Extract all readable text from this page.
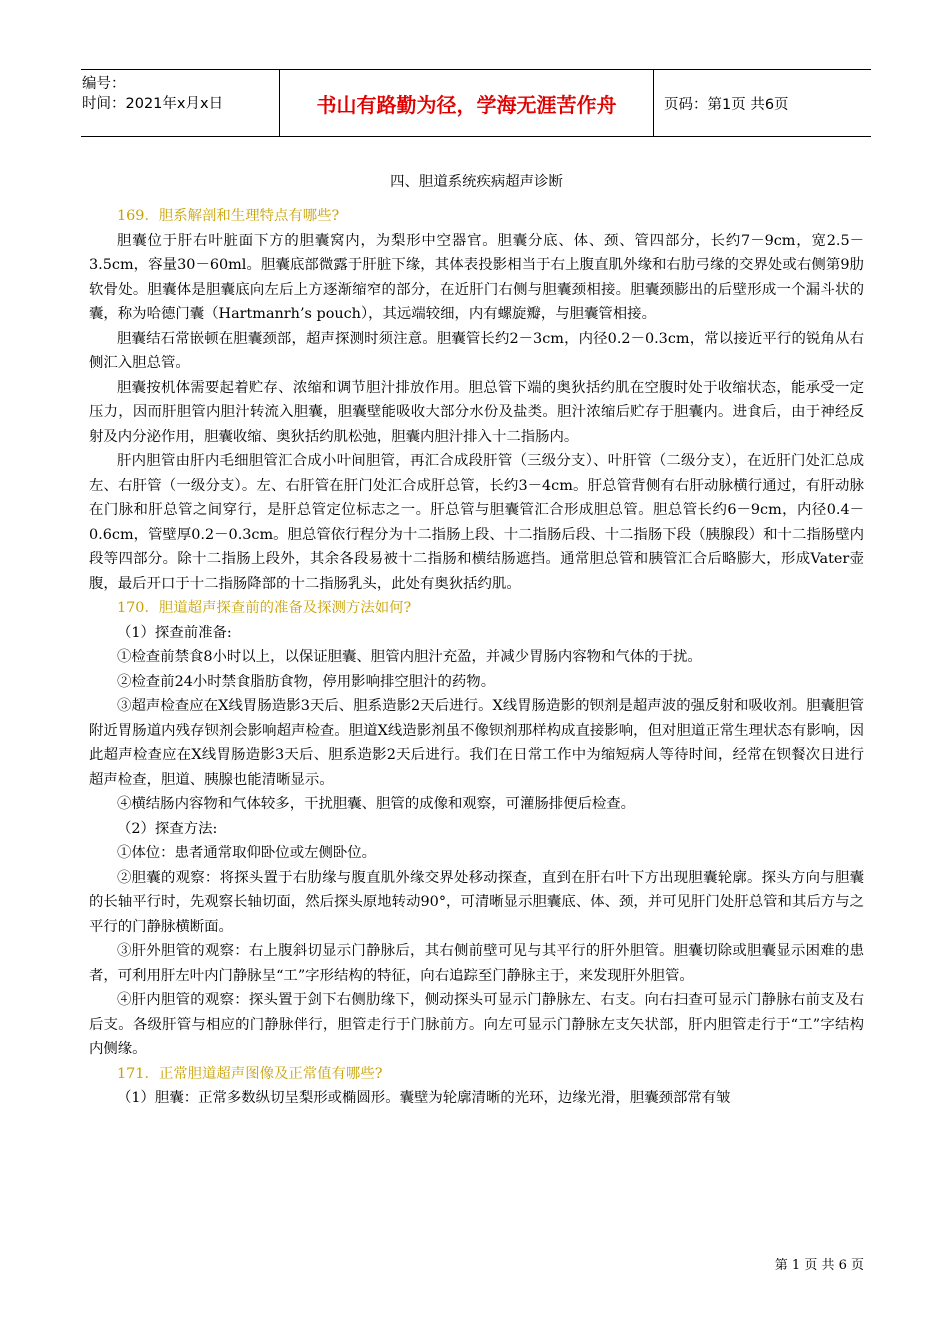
编号：
时间：2021年x月x日	书山有路勤为径，学海无涯苦作舟	页码：第1页 共6页
四、胆道系统疾病超声诊断

169．胆系解剖和生理特点有哪些?

胆囊位于肝右叶脏面下方的胆囊窝内，为梨形中空器官。胆囊分底、体、颈、管四部分，长约7－9cm，宽2.5－3.5cm，容量30－60ml。胆囊底部微露于肝脏下缘，其体表投影相当于右上腹直肌外缘和右肋弓缘的交界处或右侧第9肋软骨处。胆囊体是胆囊底向左后上方逐渐缩窄的部分，在近肝门右侧与胆囊颈相接。胆囊颈膨出的后壁形成一个漏斗状的囊，称为哈德门囊（Hartmanrh’s pouch），其远端较细，内有螺旋瓣，与胆囊管相接。

胆囊结石常嵌顿在胆囊颈部，超声探测时须注意。胆囊管长约2－3cm，内径0.2－0.3cm，常以接近平行的锐角从右侧汇入胆总管。

胆囊按机体需要起着贮存、浓缩和调节胆汁排放作用。胆总管下端的奥狄括约肌在空腹时处于收缩状态，能承受一定压力，因而肝胆管内胆汁转流入胆囊，胆囊壁能吸收大部分水份及盐类。胆汁浓缩后贮存于胆囊内。进食后，由于神经反射及内分泌作用，胆囊收缩、奥狄括约肌松弛，胆囊内胆汁排入十二指肠内。

肝内胆管由肝内毛细胆管汇合成小叶间胆管，再汇合成段肝管（三级分支）、叶肝管（二级分支），在近肝门处汇总成左、右肝管（一级分支）。左、右肝管在肝门处汇合成肝总管，长约3－4cm。肝总管背侧有右肝动脉横行通过，有肝动脉在门脉和肝总管之间穿行，是肝总管定位标志之一。肝总管与胆囊管汇合形成胆总管。胆总管长约6－9cm，内径0.4－0.6cm，管壁厚0.2－0.3cm。胆总管依行程分为十二指肠上段、十二指肠后段、十二指肠下段（胰腺段）和十二指肠壁内段等四部分。除十二指肠上段外，其余各段易被十二指肠和横结肠遮挡。通常胆总管和胰管汇合后略膨大，形成Vater壶腹，最后开口于十二指肠降部的十二指肠乳头，此处有奥狄括约肌。

170．胆道超声探查前的准备及探测方法如何?

（1）探查前准备:

①检查前禁食8小时以上，以保证胆囊、胆管内胆汁充盈，并减少胃肠内容物和气体的于扰。

②检查前24小时禁食脂肪食物，停用影响排空胆汁的药物。

③超声检查应在X线胃肠造影3天后、胆系造影2天后进行。X线胃肠造影的钡剂是超声波的强反射和吸收剂。胆囊胆管附近胃肠道内残存钡剂会影响超声检查。胆道X线造影剂虽不像钡剂那样构成直接影响，但对胆道正常生理状态有影响，因此超声检查应在X线胃肠造影3天后、胆系造影2天后进行。我们在日常工作中为缩短病人等待时间，经常在钡餐次日进行超声检查，胆道、胰腺也能清晰显示。

④横结肠内容物和气体较多，干扰胆囊、胆管的成像和观察，可灌肠排便后检查。

（2）探查方法:

①体位：患者通常取仰卧位或左侧卧位。

②胆囊的观察：将探头置于右肋缘与腹直肌外缘交界处移动探查，直到在肝右叶下方出现胆囊轮廓。探头方向与胆囊的长轴平行时，先观察长轴切面，然后探头原地转动90°，可清晰显示胆囊底、体、颈，并可见肝门处肝总管和其后方与之平行的门静脉横断面。

③肝外胆管的观察：右上腹斜切显示门静脉后，其右侧前壁可见与其平行的肝外胆管。胆囊切除或胆囊显示困难的患者，可利用肝左叶内门静脉呈“工”字形结构的特征，向右追踪至门静脉主于，来发现肝外胆管。

④肝内胆管的观察：探头置于剑下右侧肋缘下，侧动探头可显示门静脉左、右支。向右扫查可显示门静脉右前支及右后支。各级肝管与相应的门静脉伴行，胆管走行于门脉前方。向左可显示门静脉左支矢状部，肝内胆管走行于“工”字结构内侧缘。

171．正常胆道超声图像及正常值有哪些?

（1）胆囊：正常多数纵切呈梨形或椭圆形。囊壁为轮廓清晰的光环，边缘光滑，胆囊颈部常有皱

第 1 页 共 6 页
